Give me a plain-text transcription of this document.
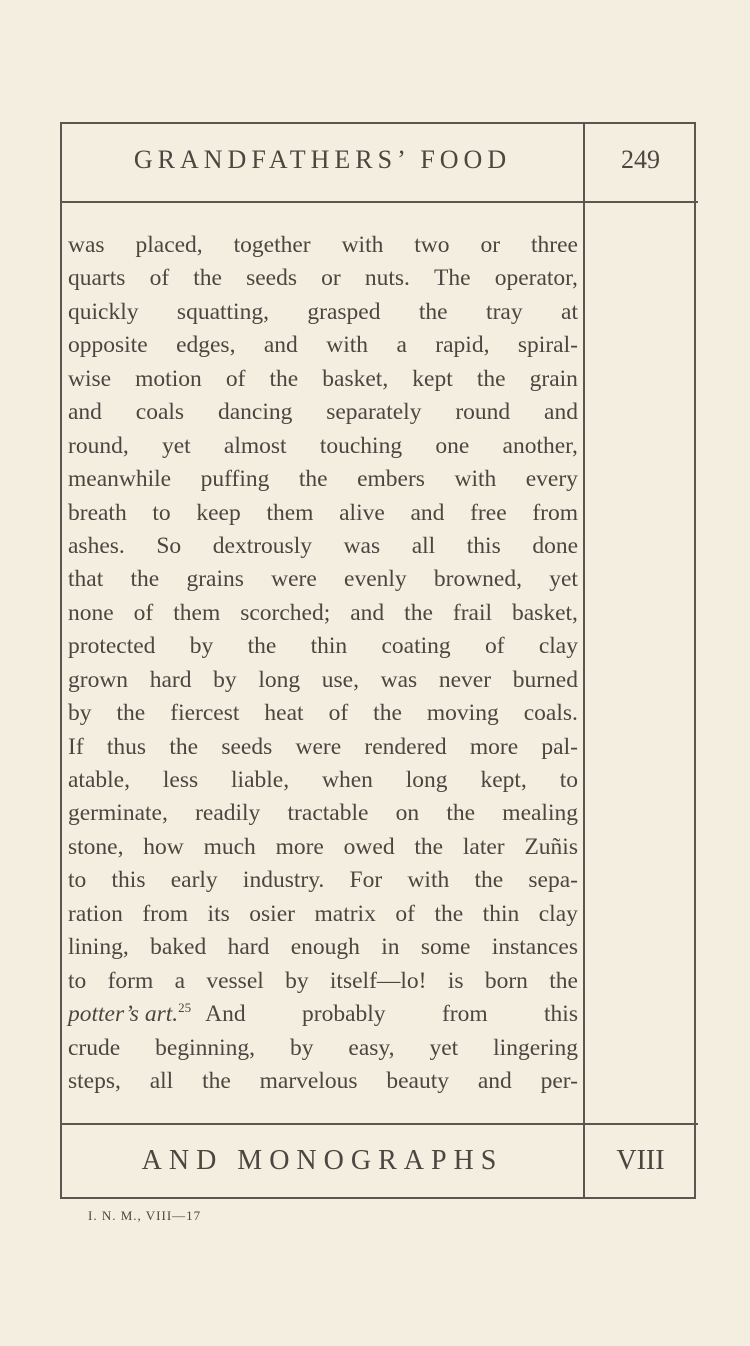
GRANDFATHERS’ FOOD	249
was placed, together with two or three
quarts of the seeds or nuts. The operator,
quickly squatting, grasped the tray at
opposite edges, and with a rapid, spiral-
wise motion of the basket, kept the grain
and coals dancing separately round and
round, yet almost touching one another,
meanwhile puffing the embers with every
breath to keep them alive and free from
ashes. So dextrously was all this done
that the grains were evenly browned, yet
none of them scorched; and the frail basket,
protected by the thin coating of clay
grown hard by long use, was never burned
by the fiercest heat of the moving coals.
If thus the seeds were rendered more pal-
atable, less liable, when long kept, to
germinate, readily tractable on the mealing
stone, how much more owed the later Zuñis
to this early industry. For with the sepa-
ration from its osier matrix of the thin clay
lining, baked hard enough in some instances
to form a vessel by itself—lo! is born the
potter’s art.$^{25}$ And probably from this
crude beginning, by easy, yet lingering
steps, all the marvelous beauty and per-
AND MONOGRAPHS	VIII
I. N. M., VIII—17
